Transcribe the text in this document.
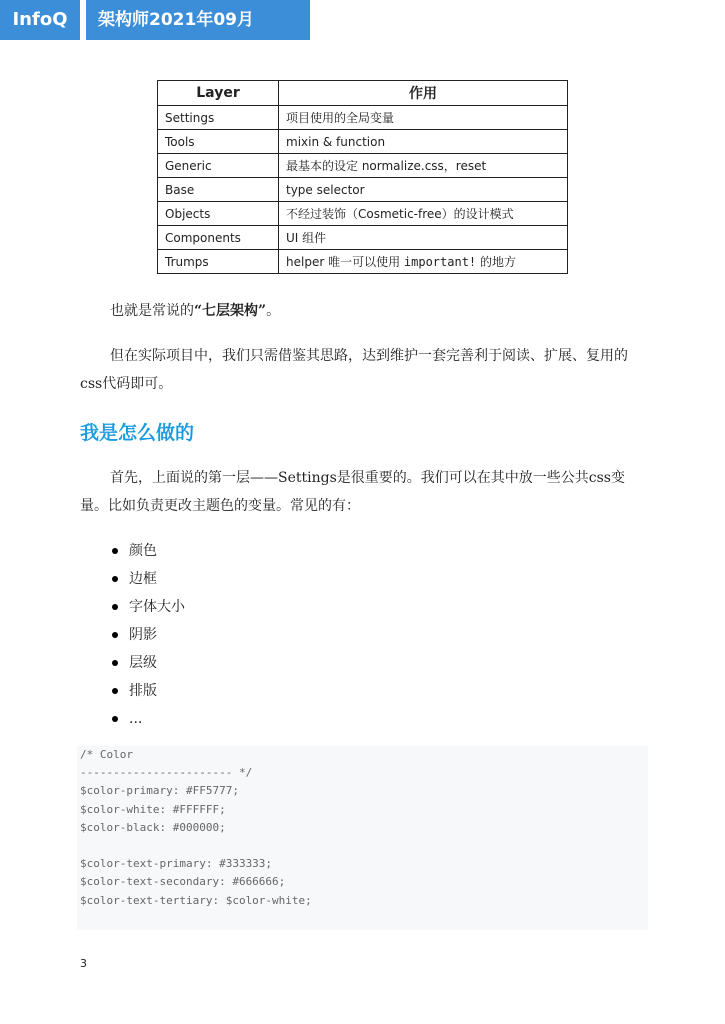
InfoQ	架构师2021年09月
Layer	作用
Settings	项目使用的全局变量
Tools	mixin & function
Generic	最基本的设定 normalize.css，reset
Base	type selector
Objects	不经过装饰（Cosmetic-free）的设计模式
Components	UI 组件
Trumps	helper 唯一可以使用 important! 的地方
也就是常说的“七层架构”。
但在实际项目中，我们只需借鉴其思路，达到维护一套完善利于阅读、扩展、复用的css代码即可。
我是怎么做的
首先，上面说的第一层——Settings是很重要的。我们可以在其中放一些公共css变量。比如负责更改主题色的变量。常见的有：
颜色
边框
字体大小
阴影
层级
排版
...
/* Color
----------------------- */
$color-primary: #FF5777;
$color-white: #FFFFFF;
$color-black: #000000;
$color-text-primary: #333333;
$color-text-secondary: #666666;
$color-text-tertiary: $color-white;
3
